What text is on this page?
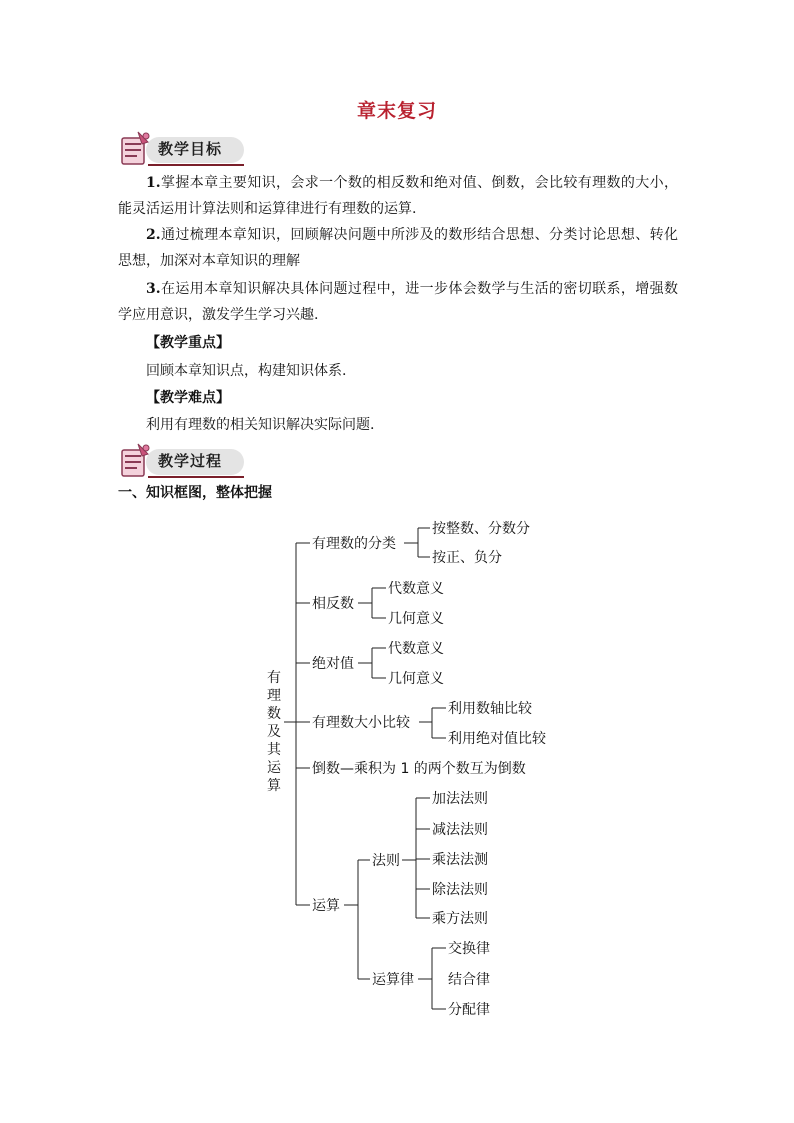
章末复习
教学目标

1.掌握本章主要知识，会求一个数的相反数和绝对值、倒数，会比较有理数的大小，能灵活运用计算法则和运算律进行有理数的运算.

2.通过梳理本章知识，回顾解决问题中所涉及的数形结合思想、分类讨论思想、转化思想，加深对本章知识的理解

3.在运用本章知识解决具体问题过程中，进一步体会数学与生活的密切联系，增强数学应用意识，激发学生学习兴趣.

【教学重点】
回顾本章知识点，构建知识体系.
【教学难点】
利用有理数的相关知识解决实际问题.
教学过程
一、知识框图，整体把握
有
理
数
及
其
运
算
有理数的分类
按整数、分数分
按正、负分
相反数
代数意义
几何意义
绝对值
代数意义
几何意义
有理数大小比较
利用数轴比较
利用绝对值比较
倒数—乘积为 1 的两个数互为倒数
运算
法则
加法法则
减法法则
乘法法测
除法法则
乘方法则
运算律
交换律
结合律
分配律
